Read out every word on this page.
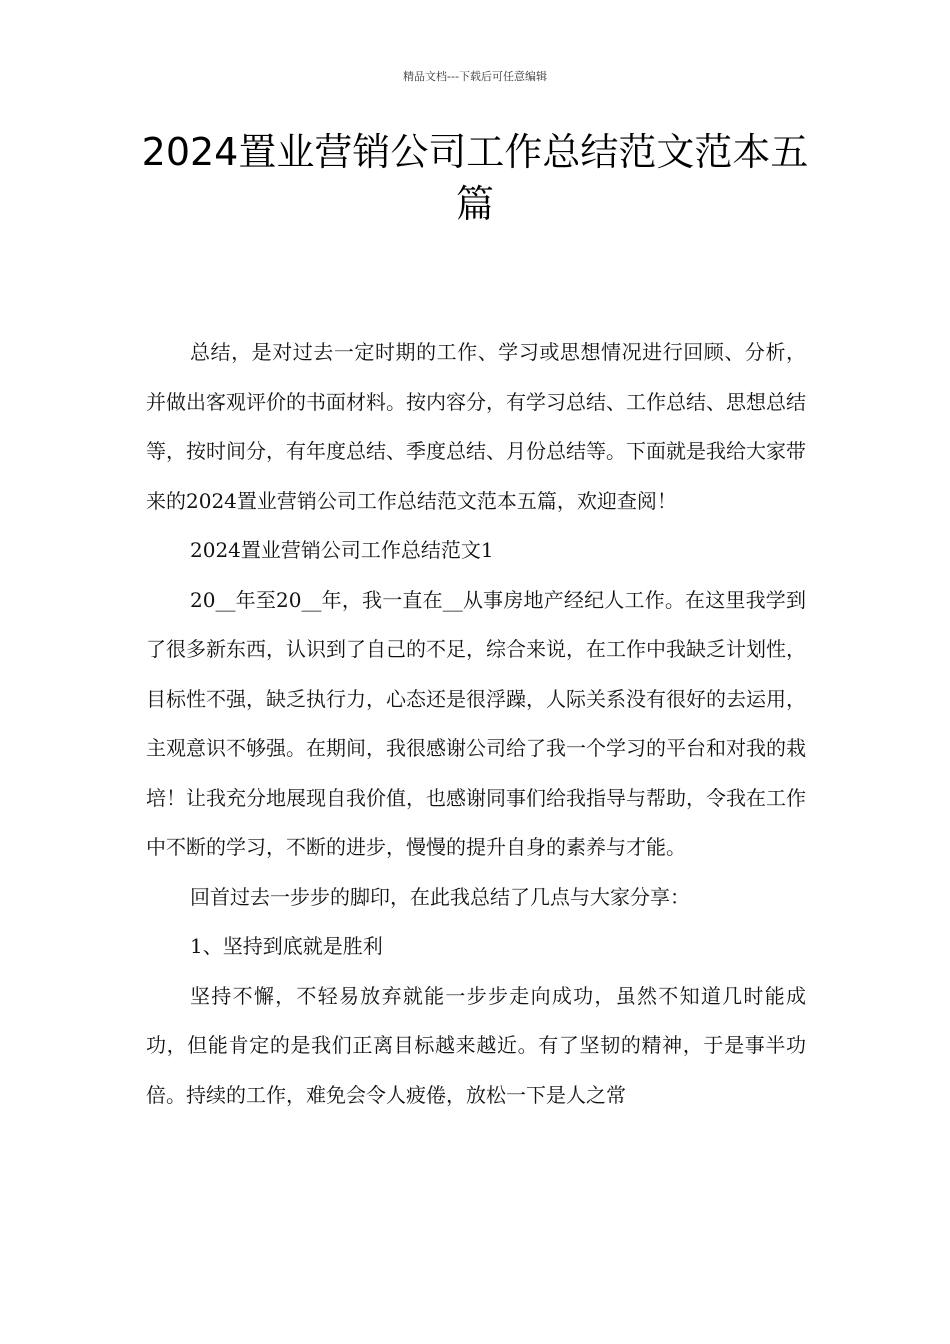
精品文档---下载后可任意编辑
2024置业营销公司工作总结范文范本五篇

总结，是对过去一定时期的工作、学习或思想情况进行回顾、分析，并做出客观评价的书面材料。按内容分，有学习总结、工作总结、思想总结等，按时间分，有年度总结、季度总结、月份总结等。下面就是我给大家带来的2024置业营销公司工作总结范文范本五篇，欢迎查阅！

2024置业营销公司工作总结范文1

20__年至20__年，我一直在__从事房地产经纪人工作。在这里我学到了很多新东西，认识到了自己的不足，综合来说，在工作中我缺乏计划性，目标性不强，缺乏执行力，心态还是很浮躁，人际关系没有很好的去运用，主观意识不够强。在期间，我很感谢公司给了我一个学习的平台和对我的栽培！让我充分地展现自我价值，也感谢同事们给我指导与帮助，令我在工作中不断的学习，不断的进步，慢慢的提升自身的素养与才能。

回首过去一步步的脚印，在此我总结了几点与大家分享：

1、坚持到底就是胜利

坚持不懈，不轻易放弃就能一步步走向成功，虽然不知道几时能成功，但能肯定的是我们正离目标越来越近。有了坚韧的精神，于是事半功倍。持续的工作，难免会令人疲倦，放松一下是人之常
